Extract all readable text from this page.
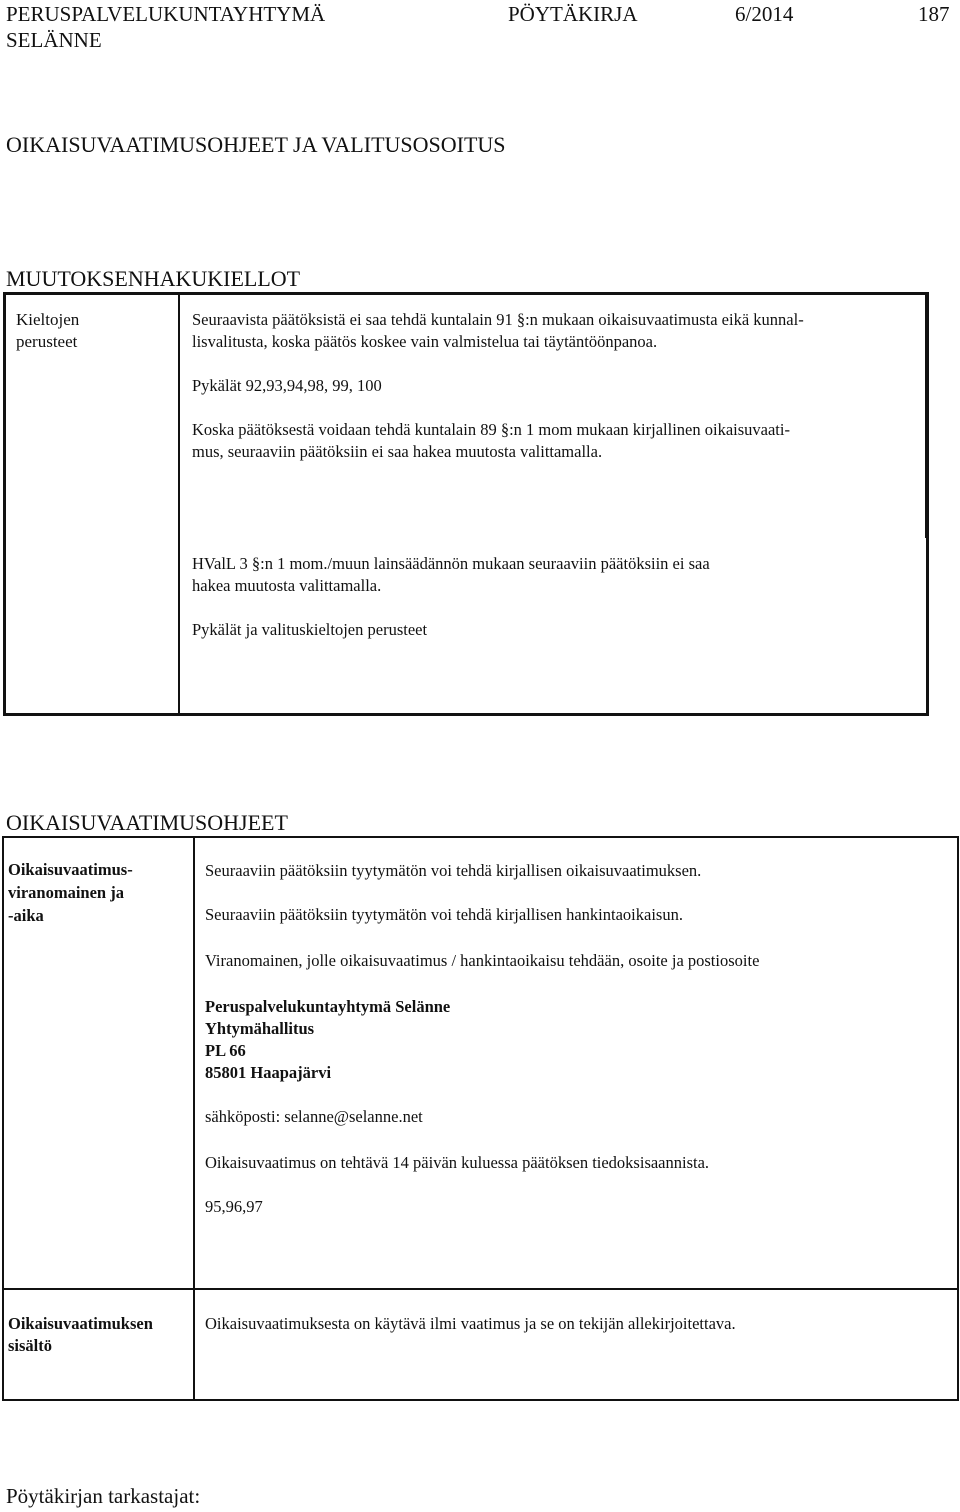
PERUSPALVELUKUNTAYHTYMÄ
SELÄNNE
PÖYTÄKIRJA	6/2014	187
OIKAISUVAATIMUSOHJEET JA VALITUSOSOITUS
MUUTOKSENHAKUKIELLOT
Kieltojen
perusteet
Seuraavista päätöksistä ei saa tehdä kuntalain 91 §:n mukaan oikaisuvaatimusta eikä kunnal-
lisvalitusta, koska päätös koskee vain valmistelua tai täytäntöönpanoa.
Pykälät 92,93,94,98, 99, 100
Koska päätöksestä voidaan tehdä kuntalain 89 §:n 1 mom mukaan kirjallinen oikaisuvaati-
mus, seuraaviin päätöksiin ei saa hakea muutosta valittamalla.
HValL 3 §:n 1 mom./muun lainsäädännön mukaan seuraaviin päätöksiin ei saa
hakea muutosta valittamalla.
Pykälät ja valituskieltojen perusteet
OIKAISUVAATIMUSOHJEET
Oikaisuvaatimus-
viranomainen ja
-aika
Seuraaviin päätöksiin tyytymätön voi tehdä kirjallisen oikaisuvaatimuksen.
Seuraaviin päätöksiin tyytymätön voi tehdä kirjallisen hankintaoikaisun.
Viranomainen, jolle oikaisuvaatimus / hankintaoikaisu tehdään, osoite ja postiosoite
Peruspalvelukuntayhtymä Selänne
Yhtymähallitus
PL 66
85801 Haapajärvi
sähköposti: selanne@selanne.net
Oikaisuvaatimus on tehtävä 14 päivän kuluessa päätöksen tiedoksisaannista.
95,96,97
Oikaisuvaatimuksen
sisältö
Oikaisuvaatimuksesta on käytävä ilmi vaatimus ja se on tekijän allekirjoitettava.
Pöytäkirjan tarkastajat:
